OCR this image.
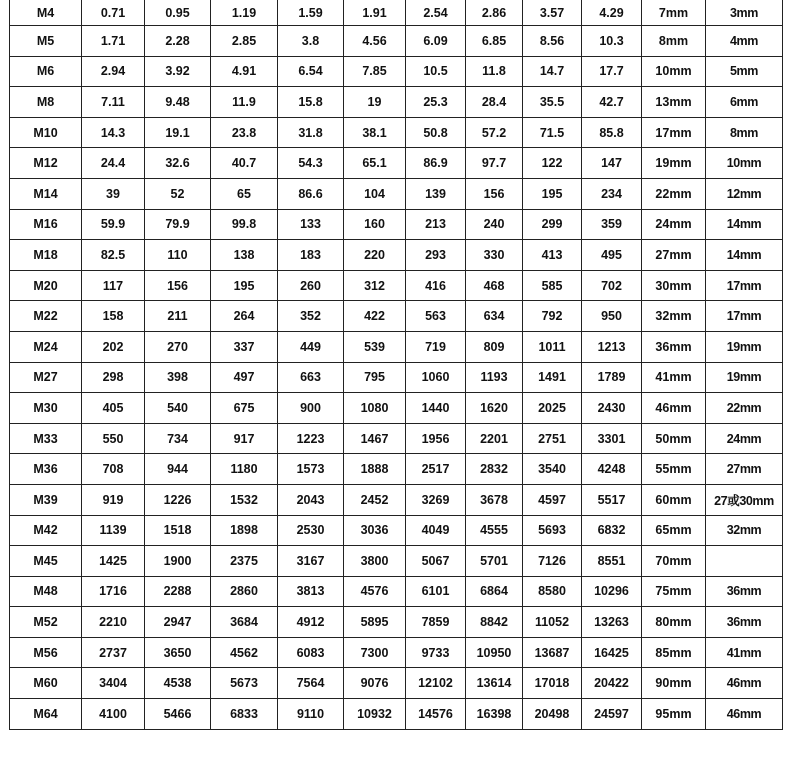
M4	0.71	0.95	1.19	1.59	1.91	2.54	2.86	3.57	4.29	7mm	3mm
M5	1.71	2.28	2.85	3.8	4.56	6.09	6.85	8.56	10.3	8mm	4mm
M6	2.94	3.92	4.91	6.54	7.85	10.5	11.8	14.7	17.7	10mm	5mm
M8	7.11	9.48	11.9	15.8	19	25.3	28.4	35.5	42.7	13mm	6mm
M10	14.3	19.1	23.8	31.8	38.1	50.8	57.2	71.5	85.8	17mm	8mm
M12	24.4	32.6	40.7	54.3	65.1	86.9	97.7	122	147	19mm	10mm
M14	39	52	65	86.6	104	139	156	195	234	22mm	12mm
M16	59.9	79.9	99.8	133	160	213	240	299	359	24mm	14mm
M18	82.5	110	138	183	220	293	330	413	495	27mm	14mm
M20	117	156	195	260	312	416	468	585	702	30mm	17mm
M22	158	211	264	352	422	563	634	792	950	32mm	17mm
M24	202	270	337	449	539	719	809	1011	1213	36mm	19mm
M27	298	398	497	663	795	1060	1193	1491	1789	41mm	19mm
M30	405	540	675	900	1080	1440	1620	2025	2430	46mm	22mm
M33	550	734	917	1223	1467	1956	2201	2751	3301	50mm	24mm
M36	708	944	1180	1573	1888	2517	2832	3540	4248	55mm	27mm
M39	919	1226	1532	2043	2452	3269	3678	4597	5517	60mm	27或30mm
M42	1139	1518	1898	2530	3036	4049	4555	5693	6832	65mm	32mm
M45	1425	1900	2375	3167	3800	5067	5701	7126	8551	70mm	
M48	1716	2288	2860	3813	4576	6101	6864	8580	10296	75mm	36mm
M52	2210	2947	3684	4912	5895	7859	8842	11052	13263	80mm	36mm
M56	2737	3650	4562	6083	7300	9733	10950	13687	16425	85mm	41mm
M60	3404	4538	5673	7564	9076	12102	13614	17018	20422	90mm	46mm
M64	4100	5466	6833	9110	10932	14576	16398	20498	24597	95mm	46mm
